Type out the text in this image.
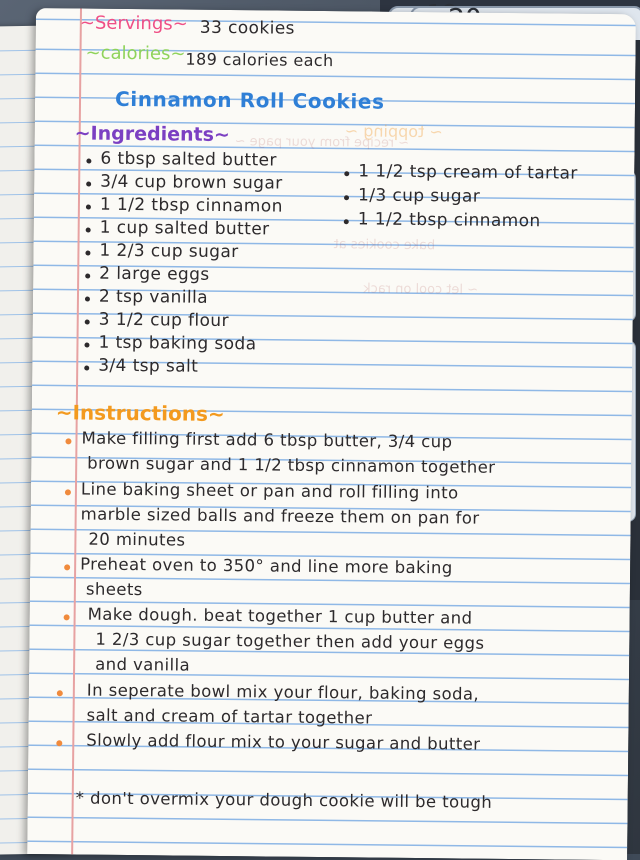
~ recipe from your page ~
bake cookies at
~ let cool on rack
~ topping ~
~Servings~ 33 cookies
~calories~ 189 calories each
Cinnamon Roll Cookies
~Ingredients~
6 tbsp salted butter
3/4 cup brown sugar
1 1/2 tbsp cinnamon
1 cup salted butter
1 2/3 cup sugar
2 large eggs
2 tsp vanilla
3 1/2 cup flour
1 tsp baking soda
3/4 tsp salt
1 1/2 tsp cream of tartar
1/3 cup sugar
1 1/2 tbsp cinnamon
~Instructions~
Make filling first add 6 tbsp butter, 3/4 cup
brown sugar and 1 1/2 tbsp cinnamon together
Line baking sheet or pan and roll filling into
marble sized balls and freeze them on pan for
20 minutes
Preheat oven to 350° and line more baking
sheets
Make dough. beat together 1 cup butter and
1 2/3 cup sugar together then add your eggs
and vanilla
In seperate bowl mix your flour, baking soda,
salt and cream of tartar together
Slowly add flour mix to your sugar and butter
* don't overmix your dough cookie will be tough
